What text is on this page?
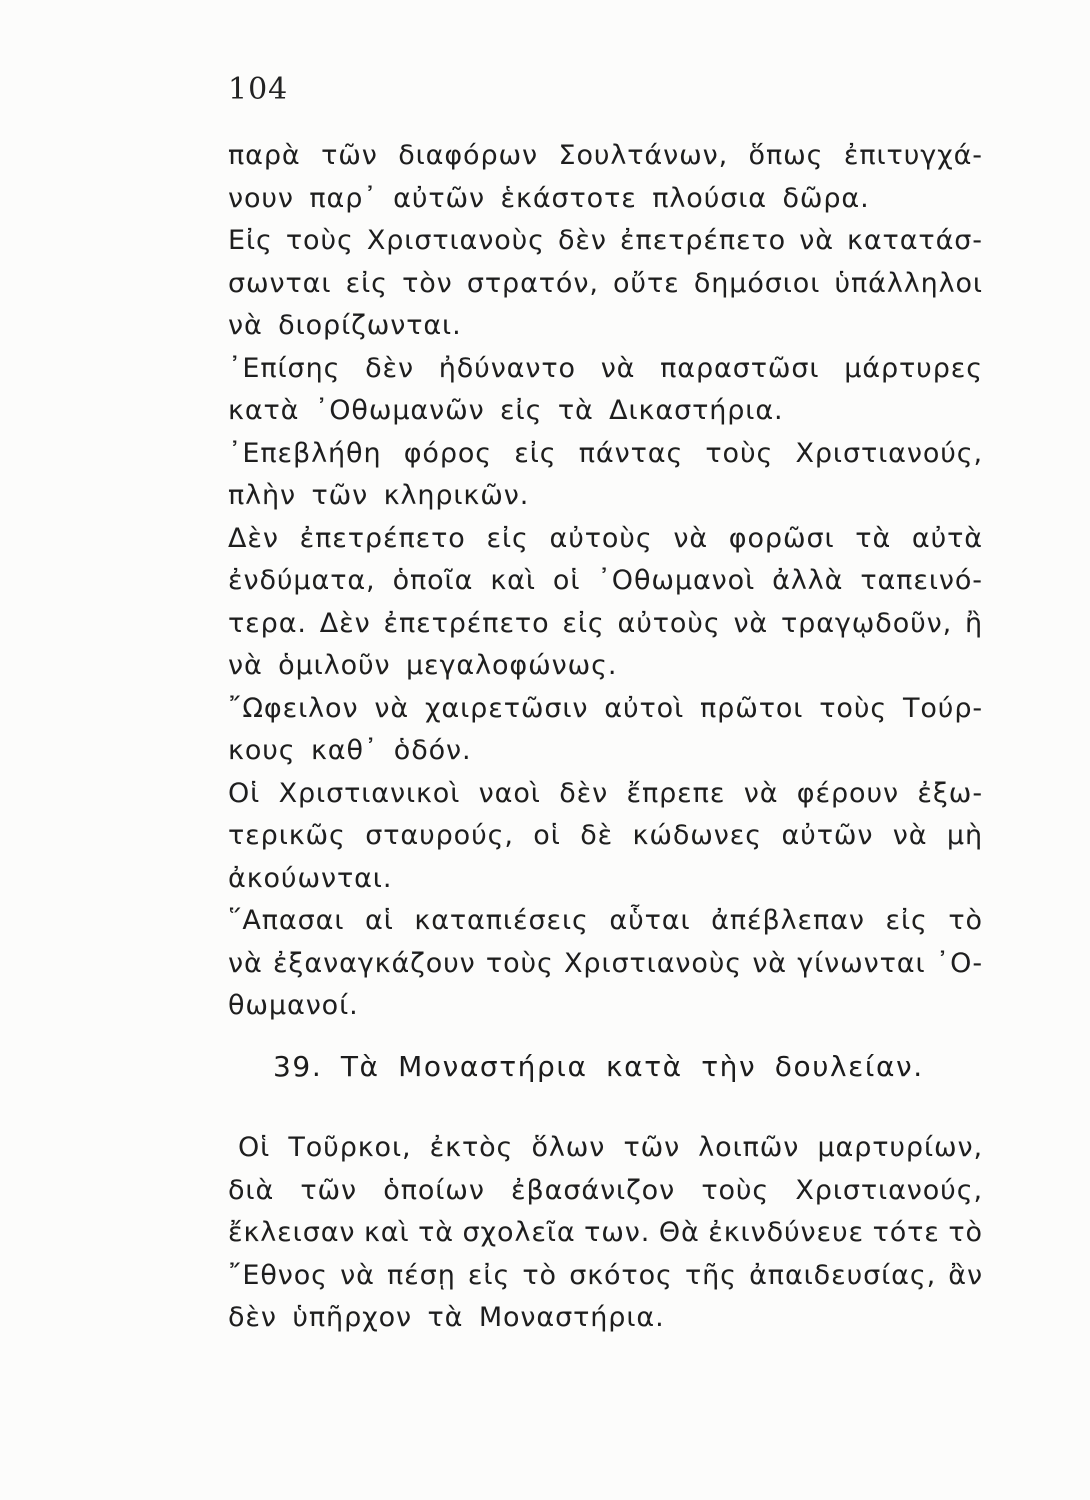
104
παρὰ τῶν διαφόρων Σουλτάνων, ὅπως ἐπιτυγχά-
νουν παρ᾽ αὐτῶν ἑκάστοτε πλούσια δῶρα.
Εἰς τοὺς Χριστιανοὺς δὲν ἐπετρέπετο νὰ κατατάσ-
σωνται εἰς τὸν στρατόν, οὔτε δημόσιοι ὑπάλληλοι
νὰ διορίζωνται.
᾽Επίσης δὲν ἠδύναντο νὰ παραστῶσι μάρτυρες
κατὰ ᾽Οθωμανῶν εἰς τὰ Δικαστήρια.
᾽Επεβλήθη φόρος εἰς πάντας τοὺς Χριστιανούς,
πλὴν τῶν κληρικῶν.
Δὲν ἐπετρέπετο εἰς αὐτοὺς νὰ φορῶσι τὰ αὐτὰ
ἐνδύματα, ὁποῖα καὶ οἱ ᾽Οθωμανοὶ ἀλλὰ ταπεινό-
τερα. Δὲν ἐπετρέπετο εἰς αὐτοὺς νὰ τραγῳδοῦν, ἢ
νὰ ὁμιλοῦν μεγαλοφώνως.
῎Ωφειλον νὰ χαιρετῶσιν αὐτοὶ πρῶτοι τοὺς Τούρ-
κους καθ᾽ ὁδόν.
Οἱ Χριστιανικοὶ ναοὶ δὲν ἔπρεπε νὰ φέρουν ἐξω-
τερικῶς σταυρούς, οἱ δὲ κώδωνες αὐτῶν νὰ μὴ
ἀκούωνται.
῞Απασαι αἱ καταπιέσεις αὗται ἀπέβλεπαν εἰς τὸ
νὰ ἐξαναγκάζουν τοὺς Χριστιανοὺς νὰ γίνωνται ᾽Ο-
θωμανοί.
39. Τὰ Μοναστήρια κατὰ τὴν δουλείαν.
Οἱ Τοῦρκοι, ἐκτὸς ὅλων τῶν λοιπῶν μαρτυρίων,
διὰ τῶν ὁποίων ἐβασάνιζον τοὺς Χριστιανούς,
ἔκλεισαν καὶ τὰ σχολεῖα των. Θὰ ἐκινδύνευε τότε τὸ
῎Εθνος νὰ πέσῃ εἰς τὸ σκότος τῆς ἀπαιδευσίας, ἂν
δὲν ὑπῆρχον τὰ Μοναστήρια.
